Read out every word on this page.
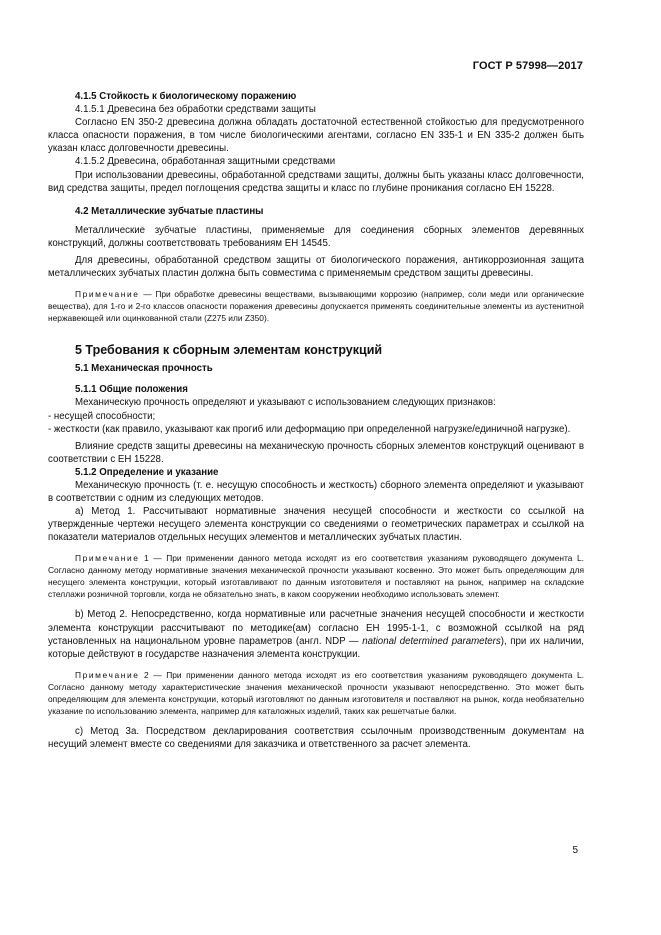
ГОСТ Р 57998—2017

4.1.5 Стойкость к биологическому поражению

4.1.5.1 Древесина без обработки средствами защиты

Согласно EN 350-2 древесина должна обладать достаточной естественной стойкостью для предусмотренного класса опасности поражения, в том числе биологическими агентами, согласно EN 335-1 и EN 335-2 должен быть указан класс долговечности древесины.

4.1.5.2 Древесина, обработанная защитными средствами

При использовании древесины, обработанной средствами защиты, должны быть указаны класс долговечности, вид средства защиты, предел поглощения средства защиты и класс по глубине проникания согласно ЕН 15228.

4.2 Металлические зубчатые пластины

Металлические зубчатые пластины, применяемые для соединения сборных элементов деревянных конструкций, должны соответствовать требованиям ЕН 14545.

Для древесины, обработанной средством защиты от биологического поражения, антикоррозионная защита металлических зубчатых пластин должна быть совместима с применяемым средством защиты древесины.

Примечание — При обработке древесины веществами, вызывающими коррозию (например, соли меди или органические вещества), для 1-го и 2-го классов опасности поражения древесины допускается применять соединительные элементы из аустенитной нержавеющей или оцинкованной стали (Z275 или Z350).

5 Требования к сборным элементам конструкций

5.1 Механическая прочность

5.1.1 Общие положения

Механическую прочность определяют и указывают с использованием следующих признаков:

- несущей способности;

- жесткости (как правило, указывают как прогиб или деформацию при определенной нагрузке/единичной нагрузке).

Влияние средств защиты древесины на механическую прочность сборных элементов конструкций оценивают в соответствии с ЕН 15228.

5.1.2 Определение и указание

Механическую прочность (т. е. несущую способность и жесткость) сборного элемента определяют и указывают в соответствии с одним из следующих методов.

а) Метод 1. Рассчитывают нормативные значения несущей способности и жесткости со ссылкой на утвержденные чертежи несущего элемента конструкции со сведениями о геометрических параметрах и ссылкой на показатели материалов отдельных несущих элементов и металлических зубчатых пластин.

Примечание 1 — При применении данного метода исходят из его соответствия указаниям руководящего документа L. Согласно данному методу нормативные значения механической прочности указывают косвенно. Это может быть определяющим для несущего элемента конструкции, который изготавливают по данным изготовителя и поставляют на рынок, например на складские стеллажи розничной торговли, когда не обязательно знать, в каком сооружении необходимо использовать элемент.

b) Метод 2. Непосредственно, когда нормативные или расчетные значения несущей способности и жесткости элемента конструкции рассчитывают по методике(ам) согласно ЕН 1995-1-1, с возможной ссылкой на ряд установленных на национальном уровне параметров (англ. NDP — national determined parameters), при их наличии, которые действуют в государстве назначения элемента конструкции.

Примечание 2 — При применении данного метода исходят из его соответствия указаниям руководящего документа L. Согласно данному методу характеристические значения механической прочности указывают непосредственно. Это может быть определяющим для элемента конструкции, который изготовляют по данным изготовителя и поставляют на рынок, когда необязательно указание по использованию элемента, например для каталожных изделий, таких как решетчатые балки.

c) Метод 3а. Посредством декларирования соответствия ссылочным производственным документам на несущий элемент вместе со сведениями для заказчика и ответственного за расчет элемента.

5
